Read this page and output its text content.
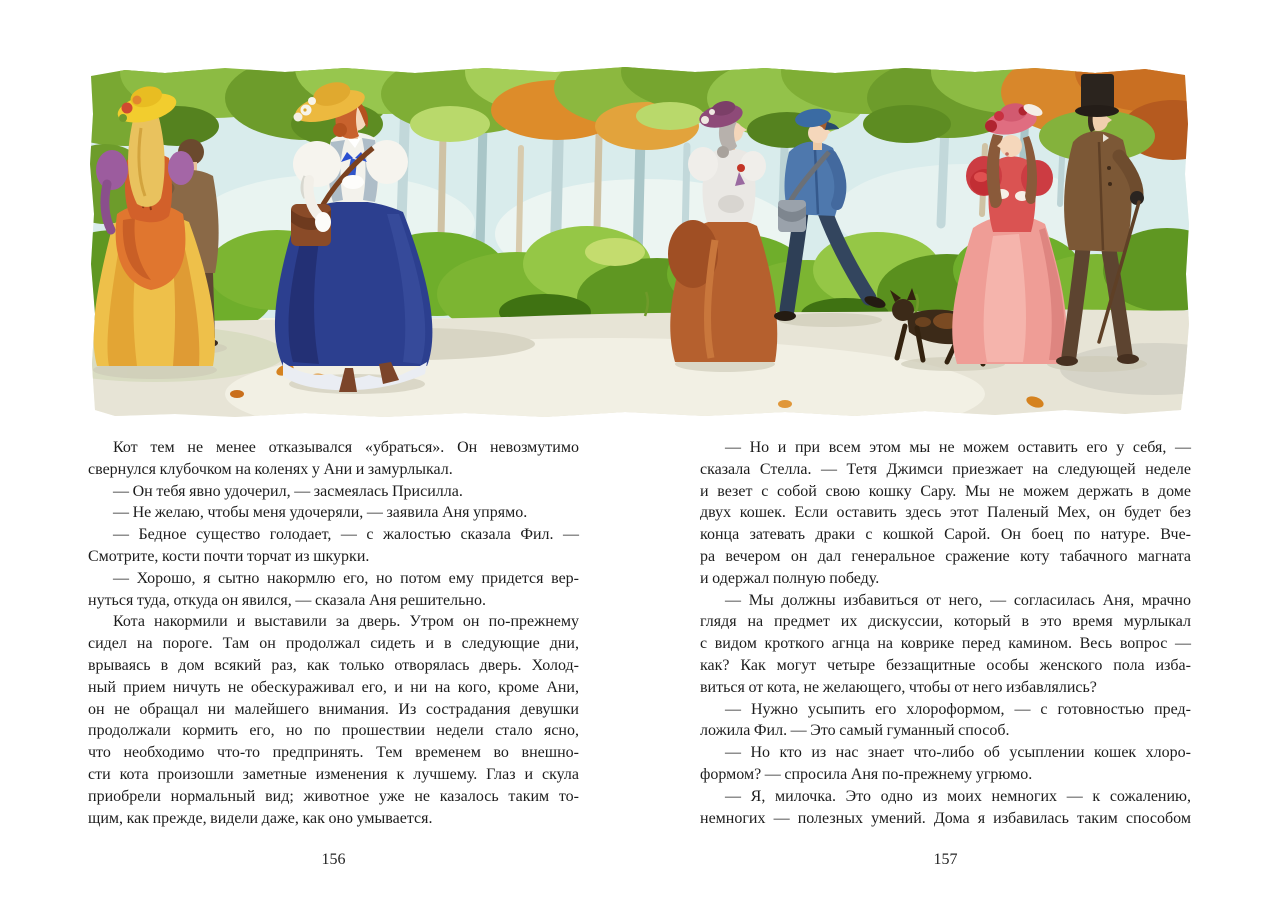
Кот тем не менее отказывался «убраться». Он невозмутимо
свернулся клубочком на коленях у Ани и замурлыкал.
— Он тебя явно удочерил, — засмеялась Присилла.
— Не желаю, чтобы меня удочеряли, — заявила Аня упрямо.
— Бедное существо голодает, — с жалостью сказала Фил. —
Смотрите, кости почти торчат из шкурки.
— Хорошо, я сытно накормлю его, но потом ему придется вер-
нуться туда, откуда он явился, — сказала Аня решительно.
Кота накормили и выставили за дверь. Утром он по-прежнему
сидел на пороге. Там он продолжал сидеть и в следующие дни,
врываясь в дом всякий раз, как только отворялась дверь. Холод-
ный прием ничуть не обескураживал его, и ни на кого, кроме Ани,
он не обращал ни малейшего внимания. Из сострадания девушки
продолжали кормить его, но по прошествии недели стало ясно,
что необходимо что-то предпринять. Тем временем во внешно-
сти кота произошли заметные изменения к лучшему. Глаз и скула
приобрели нормальный вид; животное уже не казалось таким то-
щим, как прежде, видели даже, как оно умывается.
— Но и при всем этом мы не можем оставить его у себя, —
сказала Стелла. — Тетя Джимси приезжает на следующей неделе
и везет с собой свою кошку Сару. Мы не можем держать в доме
двух кошек. Если оставить здесь этот Паленый Мех, он будет без
конца затевать драки с кошкой Сарой. Он боец по натуре. Вче-
ра вечером он дал генеральное сражение коту табачного магната
и одержал полную победу.
— Мы должны избавиться от него, — согласилась Аня, мрачно
глядя на предмет их дискуссии, который в это время мурлыкал
с видом кроткого агнца на коврике перед камином. Весь вопрос —
как? Как могут четыре беззащитные особы женского пола изба-
виться от кота, не желающего, чтобы от него избавлялись?
— Нужно усыпить его хлороформом, — с готовностью пред-
ложила Фил. — Это самый гуманный способ.
— Но кто из нас знает что-либо об усыплении кошек хлоро-
формом? — спросила Аня по-прежнему угрюмо.
— Я, милочка. Это одно из моих немногих — к сожалению,
немногих — полезных умений. Дома я избавилась таким способом
156	157
